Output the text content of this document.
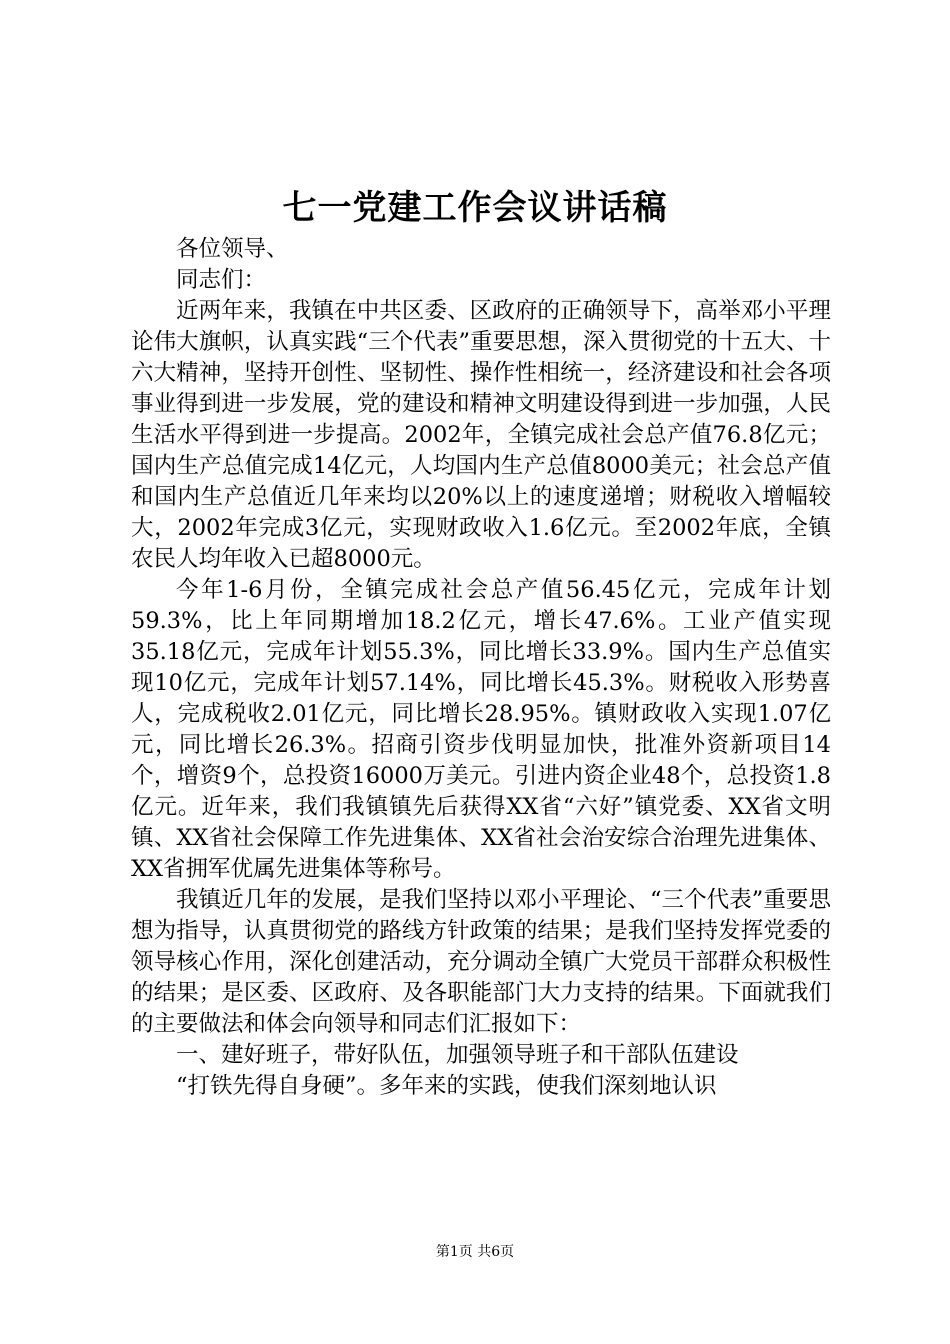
七一党建工作会议讲话稿

各位领导、

同志们：

近两年来，我镇在中共区委、区政府的正确领导下，高举邓小平理论伟大旗帜，认真实践“三个代表”重要思想，深入贯彻党的十五大、十六大精神，坚持开创性、坚韧性、操作性相统一，经济建设和社会各项事业得到进一步发展，党的建设和精神文明建设得到进一步加强，人民生活水平得到进一步提高。2002年，全镇完成社会总产值76.8亿元；国内生产总值完成14亿元，人均国内生产总值8000美元；社会总产值和国内生产总值近几年来均以20%以上的速度递增；财税收入增幅较大，2002年完成3亿元，实现财政收入1.6亿元。至2002年底，全镇农民人均年收入已超8000元。

今年1-6月份，全镇完成社会总产值56.45亿元，完成年计划59.3%，比上年同期增加18.2亿元，增长47.6%。工业产值实现35.18亿元，完成年计划55.3%，同比增长33.9%。国内生产总值实现10亿元，完成年计划57.14%，同比增长45.3%。财税收入形势喜人，完成税收2.01亿元，同比增长28.95%。镇财政收入实现1.07亿元，同比增长26.3%。招商引资步伐明显加快，批准外资新项目14个，增资9个，总投资16000万美元。引进内资企业48个，总投资1.8亿元。近年来，我们我镇镇先后获得XX省“六好”镇党委、XX省文明镇、XX省社会保障工作先进集体、XX省社会治安综合治理先进集体、XX省拥军优属先进集体等称号。

我镇近几年的发展，是我们坚持以邓小平理论、“三个代表”重要思想为指导，认真贯彻党的路线方针政策的结果；是我们坚持发挥党委的领导核心作用，深化创建活动，充分调动全镇广大党员干部群众积极性的结果；是区委、区政府、及各职能部门大力支持的结果。下面就我们的主要做法和体会向领导和同志们汇报如下：

一、建好班子，带好队伍，加强领导班子和干部队伍建设

“打铁先得自身硬”。多年来的实践，使我们深刻地认识

第1页 共6页
